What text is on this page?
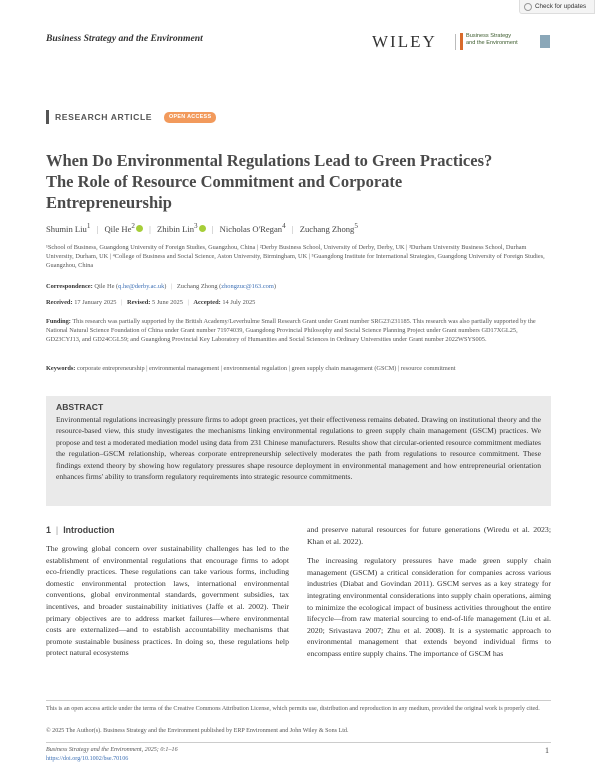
Check for updates
Business Strategy and the Environment	WILEY	Business Strategy
and the Environment
RESEARCH ARTICLE	OPEN ACCESS
When Do Environmental Regulations Lead to Green Practices? The Role of Resource Commitment and Corporate Entrepreneurship
Shumin Liu$^1$ | Qile He$^2$ | Zhibin Lin$^3$ | Nicholas O'Regan$^4$ | Zuchang Zhong$^5$
¹School of Business, Guangdong University of Foreign Studies, Guangzhou, China | ²Derby Business School, University of Derby, Derby, UK | ³Durham University Business School, Durham University, Durham, UK | ⁴College of Business and Social Science, Aston University, Birmingham, UK | ⁵Guangdong Institute for International Strategies, Guangdong University of Foreign Studies, Guangzhou, China
Correspondence: Qile He (q.he@derby.ac.uk) | Zuchang Zhong (zhongzuc@163.com)
Received: 17 January 2025 | Revised: 5 June 2025 | Accepted: 14 July 2025
Funding: This research was partially supported by the British Academy/Leverhulme Small Research Grant under Grant number SRG23\231185. This research was also partially supported by the National Natural Science Foundation of China under Grant number 71974039, Guangdong Provincial Philosophy and Social Science Planning Project under Grant numbers GD17XGL25, GD23CYJ13, and GD24CGL59; and Guangdong Provincial Key Laboratory of Humanities and Social Sciences in Ordinary Universities under Grant number 2022WSYS005.
Keywords: corporate entrepreneurship | environmental management | environmental regulation | green supply chain management (GSCM) | resource commitment
ABSTRACT

Environmental regulations increasingly pressure firms to adopt green practices, yet their effectiveness remains debated. Drawing on institutional theory and the resource-based view, this study investigates the mechanisms linking environmental regulations to green supply chain management (GSCM) practices. We propose and test a moderated mediation model using data from 231 Chinese manufacturers. Results show that circular-oriented resource commitment mediates the regulation–GSCM relationship, whereas corporate entrepreneurship selectively moderates the path from regulations to resource commitment. These findings extend theory by showing how regulatory pressures shape resource deployment in environmental management and how entrepreneurial orientation enhances firms' ability to transform regulatory requirements into strategic resource commitments.

1 | Introduction

The growing global concern over sustainability challenges has led to the establishment of environmental regulations that encourage firms to adopt eco-friendly practices. These regulations can take various forms, including domestic environmental protection laws, international environmental conventions, global environmental standards, government subsidies, tax incentives, and broader sustainability initiatives (Jaffe et al. 2002). Their primary objectives are to address market failures—where environmental costs are externalized—and to establish accountability mechanisms that promote sustainable business practices. In doing so, these regulations help protect natural ecosystems

and preserve natural resources for future generations (Wiredu et al. 2023; Khan et al. 2022).

The increasing regulatory pressures have made green supply chain management (GSCM) a critical consideration for companies across various industries (Diabat and Govindan 2011). GSCM serves as a key strategy for integrating environmental considerations into supply chain operations, aiming to minimize the ecological impact of business activities throughout the entire lifecycle—from raw material sourcing to end-of-life management (Liu et al. 2020; Srivastava 2007; Zhu et al. 2008). It is a systematic approach to environmental management that extends beyond individual firms to encompass entire supply chains. The importance of GSCM has

This is an open access article under the terms of the Creative Commons Attribution License, which permits use, distribution and reproduction in any medium, provided the original work is properly cited.
© 2025 The Author(s). Business Strategy and the Environment published by ERP Environment and John Wiley & Sons Ltd.
Business Strategy and the Environment, 2025; 0:1–16
https://doi.org/10.1002/bse.70106
1
